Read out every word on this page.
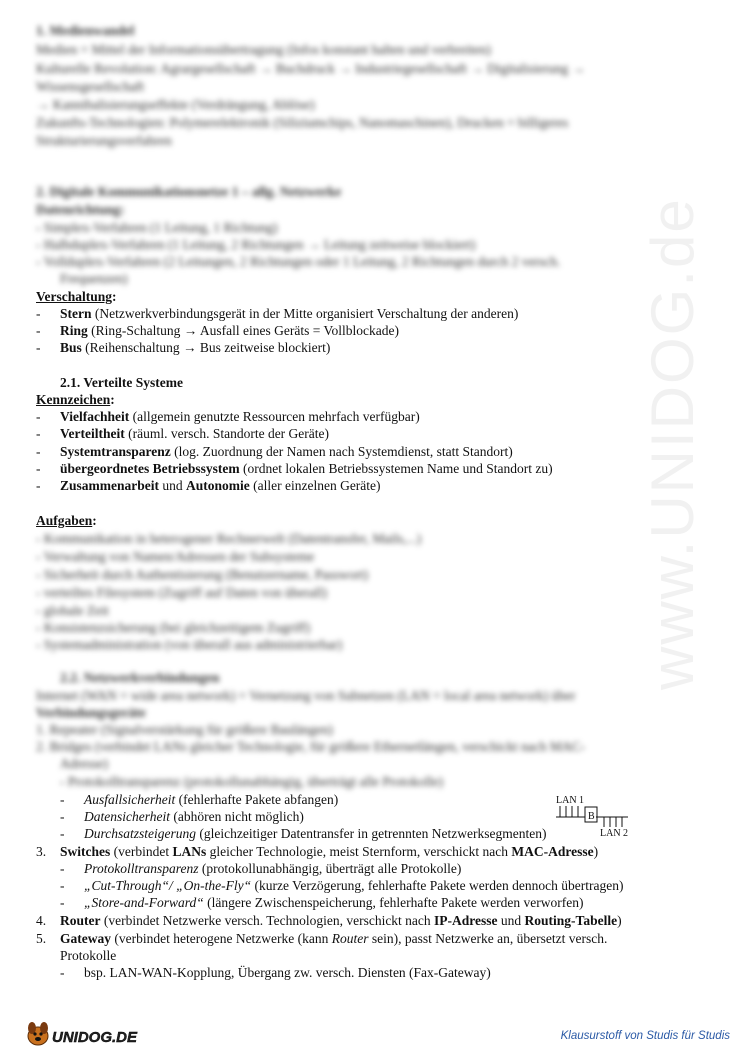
www.UNIDOG.de
1. Medienwandel
Medien = Mittel der Informationsübertragung (Infos konstant halten und verbreiten)
Kulturelle Revolution: Agrargesellschaft → Buchdruck → Industriegesellschaft → Digitalisierung →
Wissensgesellschaft
→ Kannibalisierungseffekte (Verdrängung, Ablöse)
Zukunfts-Technologien: Polymerelektronik (Siliziumchips, Nanomaschinen), Drucken = billigeres
Strukturierungsverfahren
2. Digitale Kommunikationsnetze 1 – allg. Netzwerke
Datenrichtung:
- Simplex-Verfahren (1 Leitung, 1 Richtung)
- Halbduplex-Verfahren (1 Leitung, 2 Richtungen → Leitung zeitweise blockiert)
- Vollduplex-Verfahren (2 Leitungen, 2 Richtungen oder 1 Leitung, 2 Richtungen durch 2 versch.
Frequenzen)
Verschaltung:
- Stern (Netzwerkverbindungsgerät in der Mitte organisiert Verschaltung der anderen)
- Ring (Ring-Schaltung → Ausfall eines Geräts = Vollblockade)
- Bus (Reihenschaltung → Bus zeitweise blockiert)
2.1. Verteilte Systeme
Kennzeichen:
- Vielfachheit (allgemein genutzte Ressourcen mehrfach verfügbar)
- Verteiltheit (räuml. versch. Standorte der Geräte)
- Systemtransparenz (log. Zuordnung der Namen nach Systemdienst, statt Standort)
- übergeordnetes Betriebssystem (ordnet lokalen Betriebssystemen Name und Standort zu)
- Zusammenarbeit und Autonomie (aller einzelnen Geräte)
Aufgaben:
- Kommunikation in heterogener Rechnerwelt (Datentransfer, Mails,...)
- Verwaltung von Namen/Adressen der Subsysteme
- Sicherheit durch Authentisierung (Benutzername, Passwort)
- verteiltes Filesystem (Zugriff auf Daten von überall)
- globale Zeit
- Konsistenzsicherung (bei gleichzeitigem Zugriff)
- Systemadministration (von überall aus administrierbar)
2.2. Netzwerkverbindungen
Internet (WAN = wide area network) = Vernetzung von Subnetzen (LAN = local area network) über
Verbindungsgeräte
1. Repeater (Signalverstärkung für größere Baulängen)
2. Bridges (verbindet LANs gleicher Technologie, für größere Ethernetlängen, verschickt nach MAC-
Adresse)
- Protokolltransparenz (protokollunabhängig, überträgt alle Protokolle)
- Ausfallsicherheit (fehlerhafte Pakete abfangen)
- Datensicherheit (abhören nicht möglich)
- Durchsatzsteigerung (gleichzeitiger Datentransfer in getrennten Netzwerksegmenten)
LAN 1
B
LAN 2
3. Switches (verbindet LANs gleicher Technologie, meist Sternform, verschickt nach MAC-Adresse)
- Protokolltransparenz (protokollunabhängig, überträgt alle Protokolle)
- „Cut-Through“/ „On-the-Fly“ (kurze Verzögerung, fehlerhafte Pakete werden dennoch übertragen)
- „Store-and-Forward“ (längere Zwischenspeicherung, fehlerhafte Pakete werden verworfen)
4. Router (verbindet Netzwerke versch. Technologien, verschickt nach IP-Adresse und Routing-Tabelle)
5. Gateway (verbindet heterogene Netzwerke (kann Router sein), passt Netzwerke an, übersetzt versch.
Protokolle
- bsp. LAN-WAN-Kopplung, Übergang zw. versch. Diensten (Fax-Gateway)
UNIDOG.DE	Klausurstoff von Studis für Studis
